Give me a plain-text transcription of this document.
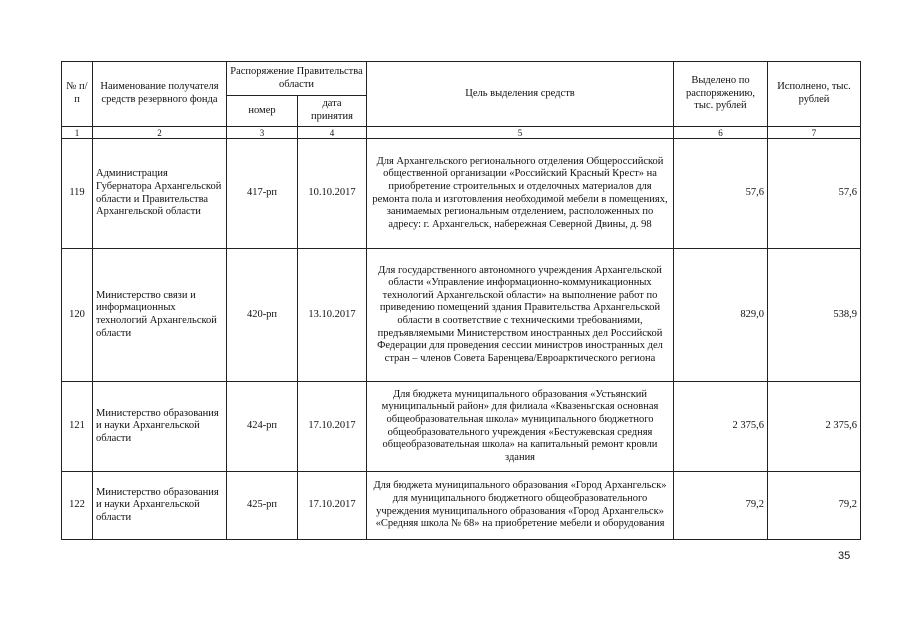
№ п/п	Наименование получателя средств резервного фонда	Распоряжение Правительства области		Цель выделения средств	Выделено по распоряжению, тыс. рублей	Исполнено, тыс. рублей
		номер	дата принятия			
1	2	3	4	5	6	7
119	Администрация Губернатора Архангельской области и Правительства Архангельской области	417-рп	10.10.2017	Для Архангельского регионального отделения Общероссийской общественной организации «Российский Красный Крест» на приобретение строительных и отделочных материалов для ремонта пола и изготовления необходимой мебели в помещениях, занимаемых региональным отделением, расположенных по адресу: г. Архангельск, набережная Северной Двины, д. 98	57,6	57,6
120	Министерство связи и информационных технологий Архангельской области	420-рп	13.10.2017	Для государственного автономного учреждения Архангельской области «Управление информационно-коммуникационных технологий Архангельской области» на выполнение работ по приведению помещений здания Правительства Архангельской области в соответствие с техническими требованиями, предъявляемыми Министерством иностранных дел Российской Федерации для проведения сессии министров иностранных дел стран – членов Совета Баренцева/Евроарктического региона	829,0	538,9
121	Министерство образования и науки Архангельской области	424-рп	17.10.2017	Для бюджета муниципального образования «Устьянский муниципальный район» для филиала «Квазеньгская основная общеобразовательная школа» муниципального бюджетного общеобразовательного учреждения «Бестужевская средняя общеобразовательная школа» на капитальный ремонт кровли здания	2 375,6	2 375,6
122	Министерство образования и науки Архангельской области	425-рп	17.10.2017	Для бюджета муниципального образования «Город Архангельск» для муниципального бюджетного общеобразовательного учреждения муниципального образования «Город Архангельск» «Средняя школа № 68» на приобретение мебели и оборудования	79,2	79,2
35
